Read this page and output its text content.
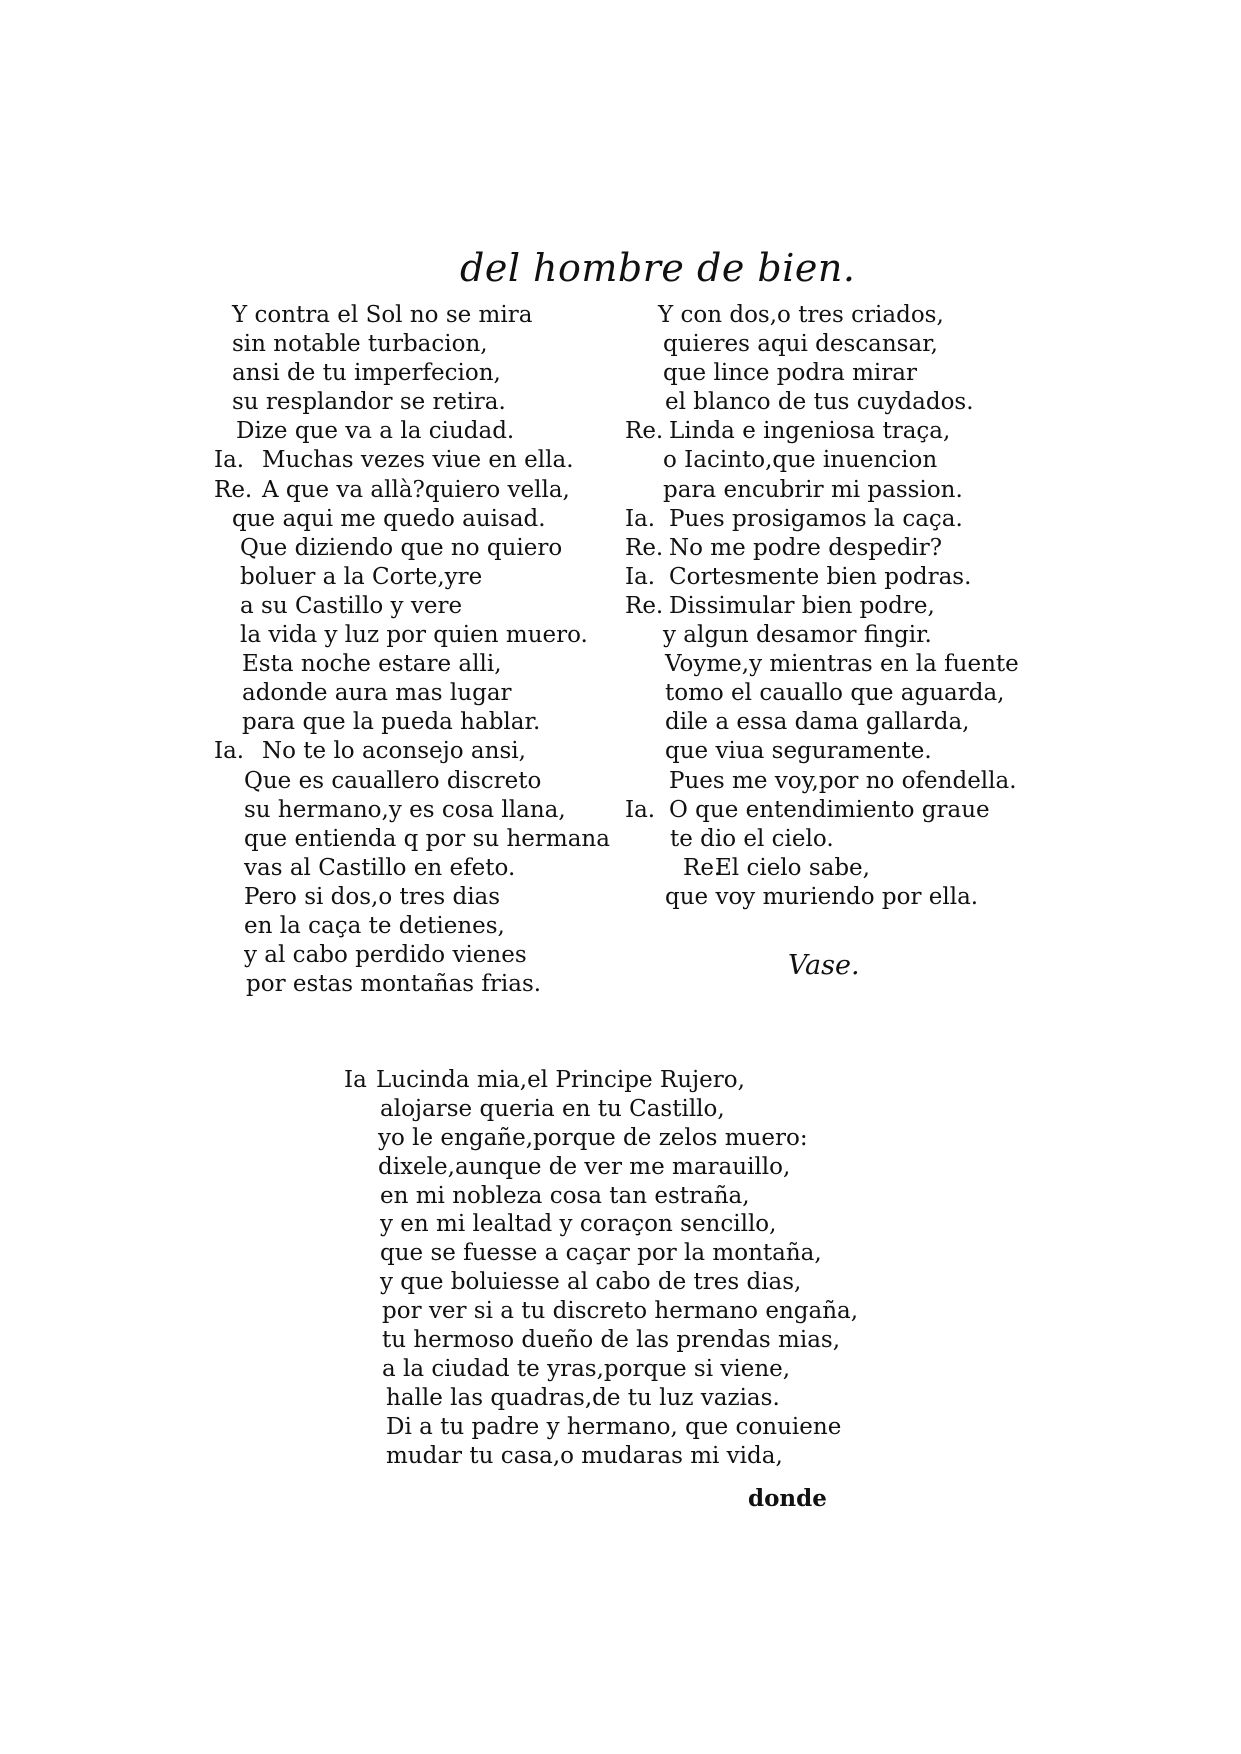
del hombre de bien.
Y contra el Sol no se mira
sin notable turbacion,
ansi de tu imperfecion,
su resplandor se retira.
Dize que va a la ciudad.
Ia. Muchas vezes viue en ella.
Re. A que va allà?quiero vella,
que aqui me quedo auisad.
Que diziendo que no quiero
boluer a la Corte,yre
a su Castillo y vere
la vida y luz por quien muero.
Esta noche estare alli,
adonde aura mas lugar
para que la pueda hablar.
Ia. No te lo aconsejo ansi,
Que es cauallero discreto
su hermano,y es cosa llana,
que entienda q por su hermana
vas al Castillo en efeto.
Pero si dos,o tres dias
en la caça te detienes,
y al cabo perdido vienes
por estas montañas frias.
Y con dos,o tres criados,
quieres aqui descansar,
que lince podra mirar
el blanco de tus cuydados.
Re. Linda e ingeniosa traça,
o Iacinto,que inuencion
para encubrir mi passion.
Ia. Pues prosigamos la caça.
Re. No me podre despedir?
Ia. Cortesmente bien podras.
Re. Dissimular bien podre,
y algun desamor fingir.
Voyme,y mientras en la fuente
tomo el cauallo que aguarda,
dile a essa dama gallarda,
que viua seguramente.
Pues me voy,por no ofendella.
Ia. O que entendimiento graue
te dio el cielo.
Re.
El cielo sabe,
que voy muriendo por ella.
Vase.
Ia Lucinda mia,el Principe Rujero,
alojarse queria en tu Castillo,
yo le engañe,porque de zelos muero:
dixele,aunque de ver me marauillo,
en mi nobleza cosa tan estraña,
y en mi lealtad y coraçon sencillo,
que se fuesse a caçar por la montaña,
y que boluiesse al cabo de tres dias,
por ver si a tu discreto hermano engaña,
tu hermoso dueño de las prendas mias,
a la ciudad te yras,porque si viene,
halle las quadras,de tu luz vazias.
Di a tu padre y hermano, que conuiene
mudar tu casa,o mudaras mi vida,
donde
